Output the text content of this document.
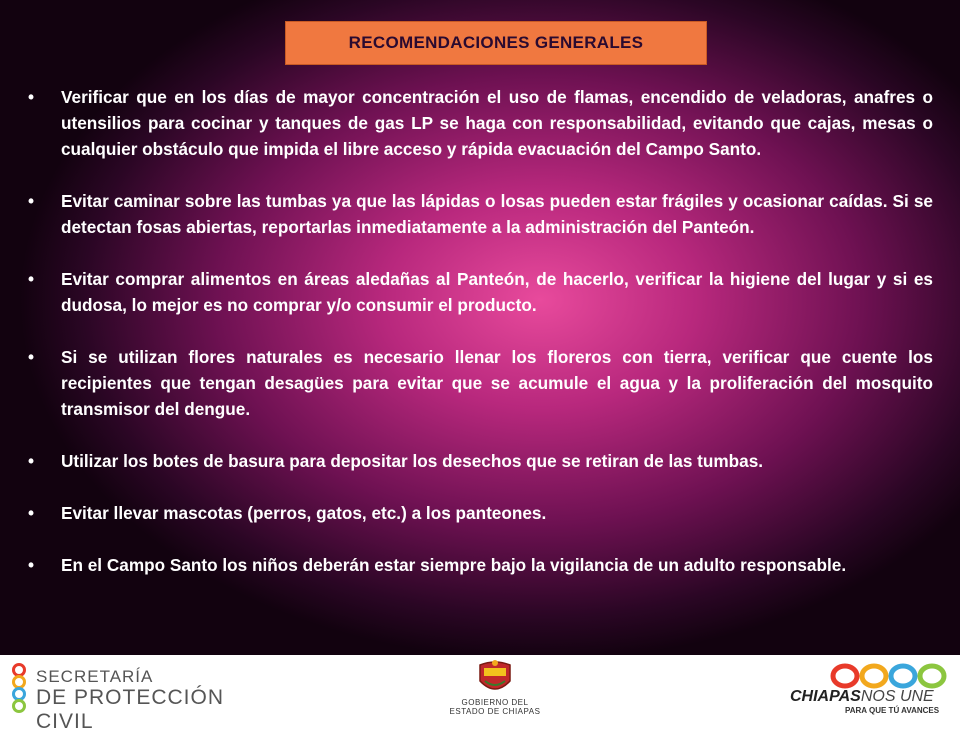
RECOMENDACIONES GENERALES
• Verificar que en los días de mayor concentración el uso de flamas, encendido de veladoras, anafres o utensilios para cocinar y tanques de gas LP se haga con responsabilidad, evitando que cajas, mesas o cualquier obstáculo que impida el libre acceso y rápida evacuación del Campo Santo.
• Evitar caminar sobre las tumbas ya que las lápidas o losas pueden estar frágiles y ocasionar caídas. Si se detectan fosas abiertas, reportarlas inmediatamente a la administración del Panteón.
• Evitar comprar alimentos en áreas aledañas al Panteón, de hacerlo, verificar la higiene del lugar y si es dudosa, lo mejor es no comprar y/o consumir el producto.
• Si se utilizan flores naturales es necesario llenar los floreros con tierra, verificar que cuente los recipientes que tengan desagües para evitar que se acumule el agua y la proliferación del mosquito transmisor del dengue.
• Utilizar los botes de basura para depositar los desechos que se retiran de las tumbas.
• Evitar llevar mascotas (perros, gatos, etc.) a los panteones.
• En el Campo Santo los niños deberán estar siempre bajo la vigilancia de un adulto responsable.
SECRETARÍA
DE PROTECCIÓN CIVIL
GOBIERNO DEL
ESTADO DE CHIAPAS
CHIAPASNOS UNE
PARA QUE TÚ AVANCES
